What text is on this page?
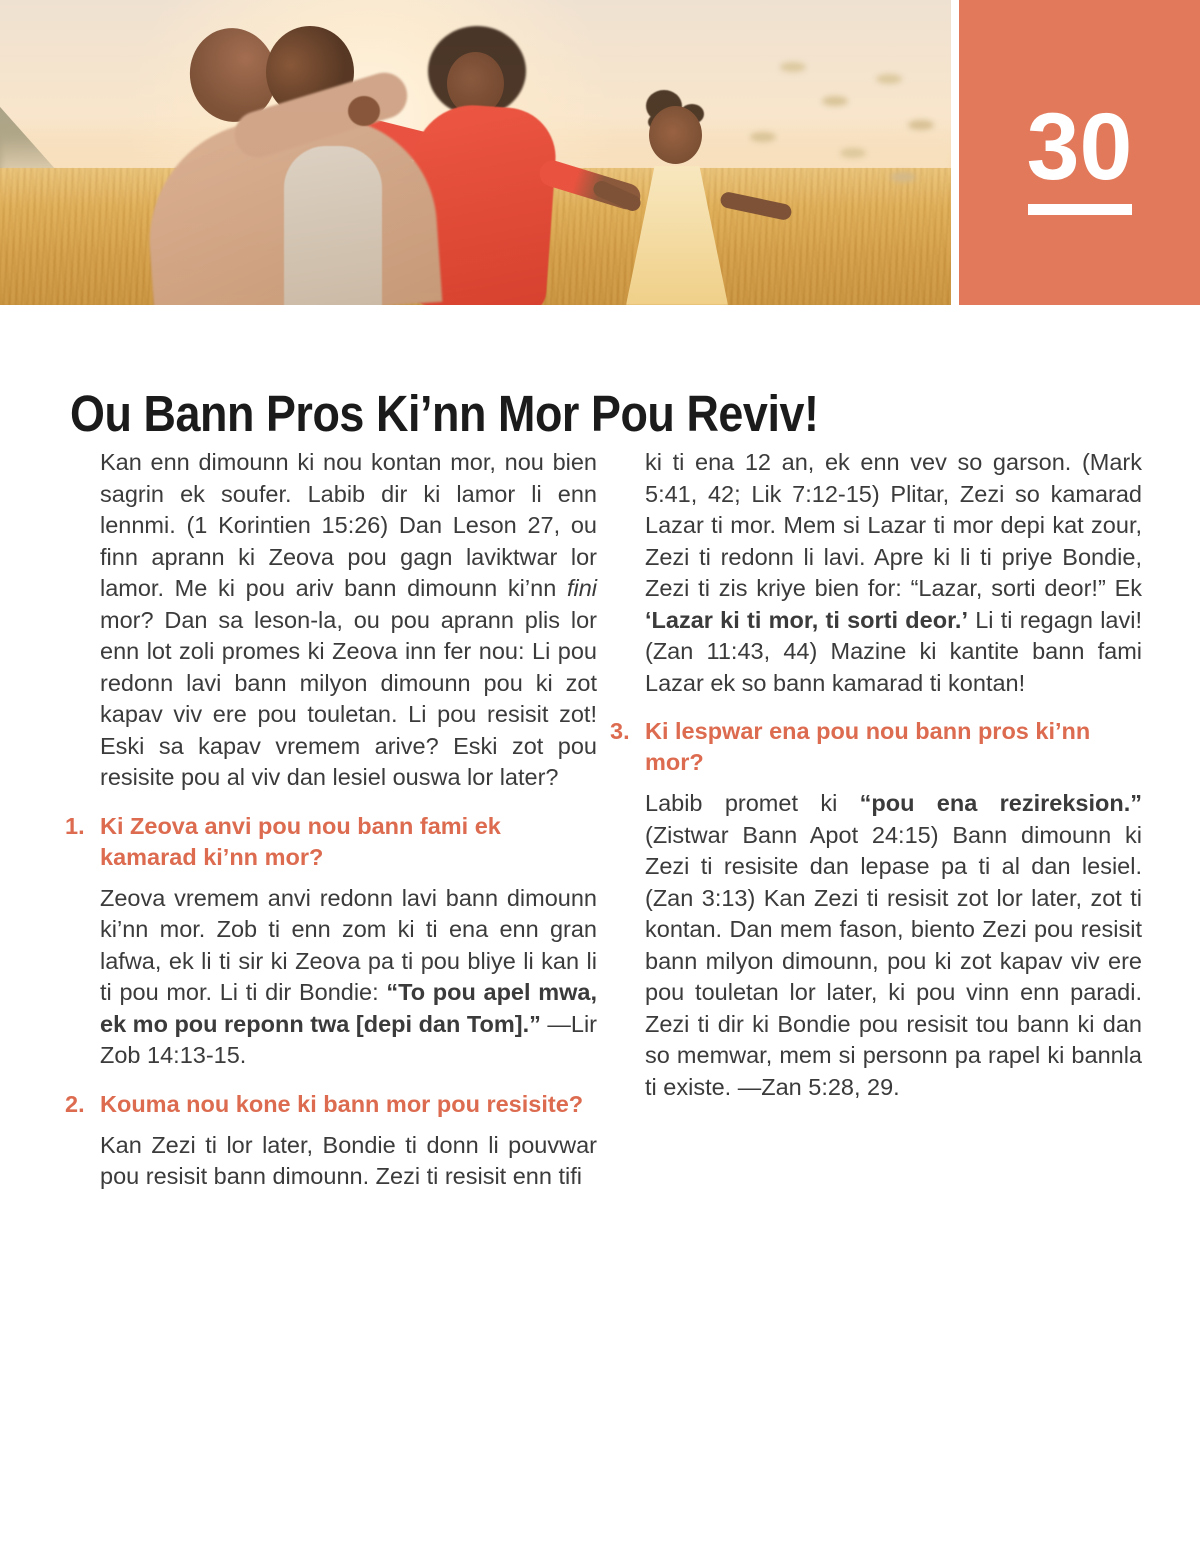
30
Ou Bann Pros Ki’nn Mor Pou Reviv!

Kan enn dimounn ki nou kontan mor, nou bien sagrin ek soufer. Labib dir ki lamor li enn lennmi. (1 Korintien 15:26) Dan Leson 27, ou finn aprann ki Zeova pou gagn laviktwar lor lamor. Me ki pou ariv bann dimounn ki’nn fini mor? Dan sa leson-la, ou pou aprann plis lor enn lot zoli promes ki Zeova inn fer nou: Li pou redonn lavi bann milyon dimounn pou ki zot kapav viv ere pou touletan. Li pou resisit zot! Eski sa kapav vremem arive? Eski zot pou resisite pou al viv dan lesiel ouswa lor later?

1. Ki Zeova anvi pou nou bann fami ek kamarad ki’nn mor?

Zeova vremem anvi redonn lavi bann dimounn ki’nn mor. Zob ti enn zom ki ti ena enn gran lafwa, ek li ti sir ki Zeova pa ti pou bliye li kan li ti pou mor. Li ti dir Bondie: “To pou apel mwa, ek mo pou reponn twa [depi dan Tom].” —Lir Zob 14:13-15.

2. Kouma nou kone ki bann mor pou resisite?

Kan Zezi ti lor later, Bondie ti donn li pouvwar pou resisit bann dimounn. Zezi ti resisit enn tifi

ki ti ena 12 an, ek enn vev so garson. (Mark 5:41, 42; Lik 7:12-15) Plitar, Zezi so kamarad Lazar ti mor. Mem si Lazar ti mor depi kat zour, Zezi ti redonn li lavi. Apre ki li ti priye Bondie, Zezi ti zis kriye bien for: “Lazar, sorti deor!” Ek ‘Lazar ki ti mor, ti sorti deor.’ Li ti regagn lavi! (Zan 11:43, 44) Mazine ki kantite bann fami Lazar ek so bann kamarad ti kontan!

3. Ki lespwar ena pou nou bann pros ki’nn mor?

Labib promet ki “pou ena rezireksion.” (Zistwar Bann Apot 24:15) Bann dimounn ki Zezi ti resisite dan lepase pa ti al dan lesiel. (Zan 3:13) Kan Zezi ti resisit zot lor later, zot ti kontan. Dan mem fason, biento Zezi pou resisit bann milyon dimounn, pou ki zot kapav viv ere pou touletan lor later, ki pou vinn enn paradi. Zezi ti dir ki Bondie pou resisit tou bann ki dan so memwar, mem si personn pa rapel ki bannla ti existe. —Zan 5:28, 29.
